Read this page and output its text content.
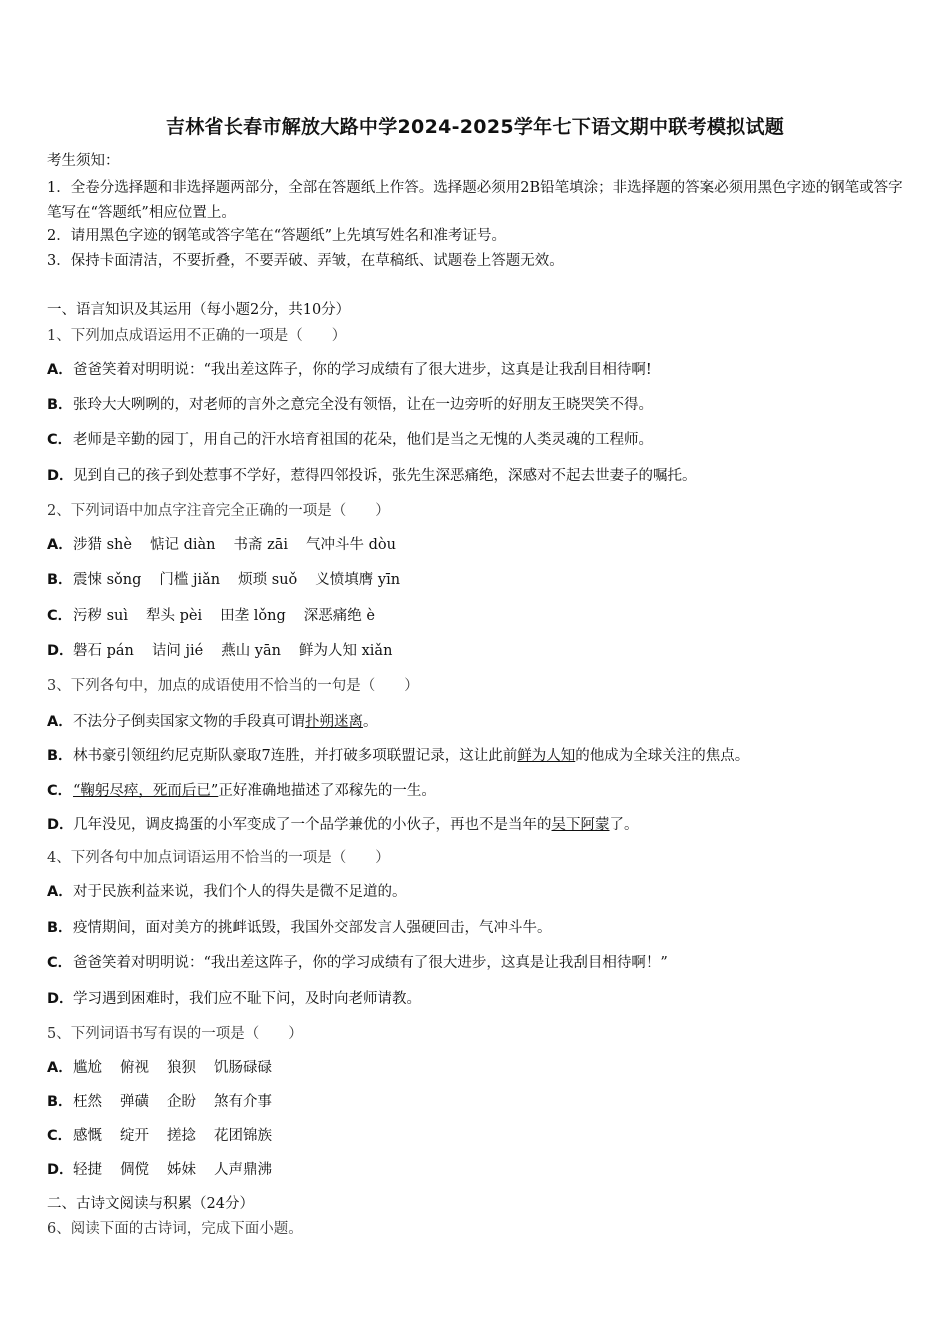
吉林省长春市解放大路中学2024-2025学年七下语文期中联考模拟试题
考生须知：
1．全卷分选择题和非选择题两部分，全部在答题纸上作答。选择题必须用2B铅笔填涂；非选择题的答案必须用黑色字迹的钢笔或答字笔写在“答题纸”相应位置上。
2．请用黑色字迹的钢笔或答字笔在“答题纸”上先填写姓名和准考证号。
3．保持卡面清洁，不要折叠，不要弄破、弄皱，在草稿纸、试题卷上答题无效。
一、语言知识及其运用（每小题2分，共10分）
1、下列加点成语运用不正确的一项是（　　）
A．爸爸笑着对明明说：“我出差这阵子，你的学习成绩有了很大进步，这真是让我刮目相待啊!
B．张玲大大咧咧的，对老师的言外之意完全没有领悟，让在一边旁听的好朋友王晓哭笑不得。
C．老师是辛勤的园丁，用自己的汗水培育祖国的花朵，他们是当之无愧的人类灵魂的工程师。
D．见到自己的孩子到处惹事不学好，惹得四邻投诉，张先生深恶痛绝，深感对不起去世妻子的嘱托。
2、下列词语中加点字注音完全正确的一项是（　　）
A．涉猎 shè 惦记 diàn 书斋 zāi 气冲斗牛 dòu
B．震悚 sǒng 门槛 jiǎn 烦琐 suǒ 义愤填膺 yīn
C．污秽 suì 犁头 pèi 田垄 lǒng 深恶痛绝 è
D．磐石 pán 诘问 jié 燕山 yān 鲜为人知 xiǎn
3、下列各句中，加点的成语使用不恰当的一句是（　　）
A．不法分子倒卖国家文物的手段真可谓扑朔迷离。
B．林书豪引领纽约尼克斯队豪取7连胜，并打破多项联盟记录，这让此前鲜为人知的他成为全球关注的焦点。
C．“鞠躬尽瘁，死而后已”正好准确地描述了邓稼先的一生。
D．几年没见，调皮捣蛋的小军变成了一个品学兼优的小伙子，再也不是当年的吴下阿蒙了。
4、下列各句中加点词语运用不恰当的一项是（　　）
A．对于民族利益来说，我们个人的得失是微不足道的。
B．疫情期间，面对美方的挑衅诋毁，我国外交部发言人强硬回击，气冲斗牛。
C．爸爸笑着对明明说：“我出差这阵子，你的学习成绩有了很大进步，这真是让我刮目相待啊！”
D．学习遇到困难时，我们应不耻下问，及时向老师请教。
5、下列词语书写有误的一项是（　　）
A．尴尬 俯视 狼狈 饥肠碌碌
B．枉然 弹磺 企盼 煞有介事
C．感慨 绽开 搓捻 花团锦族
D．轻捷 倜傥 姊妹 人声鼎沸
二、古诗文阅读与积累（24分）
6、阅读下面的古诗词，完成下面小题。
